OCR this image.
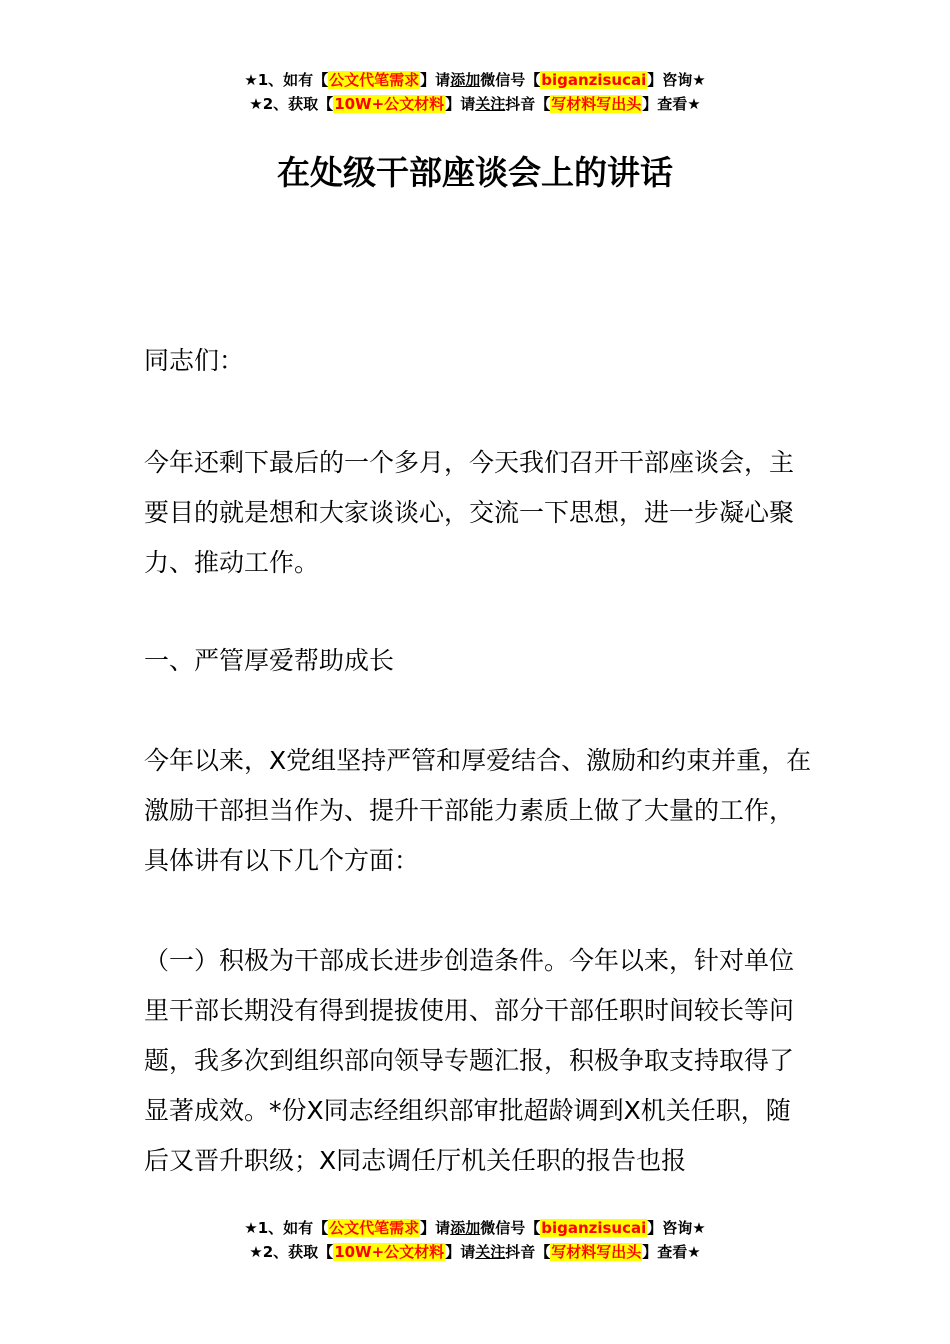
★1、如有【公文代笔需求】请添加微信号【biganzisucai】咨询★
★2、获取【10W+公文材料】请关注抖音【写材料写出头】查看★
在处级干部座谈会上的讲话

同志们：

今年还剩下最后的一个多月，今天我们召开干部座谈会，主要目的就是想和大家谈谈心，交流一下思想，进一步凝心聚力、推动工作。

一、严管厚爱帮助成长

今年以来，X党组坚持严管和厚爱结合、激励和约束并重，在激励干部担当作为、提升干部能力素质上做了大量的工作，具体讲有以下几个方面：

（一）积极为干部成长进步创造条件。今年以来，针对单位里干部长期没有得到提拔使用、部分干部任职时间较长等问题，我多次到组织部向领导专题汇报，积极争取支持取得了显著成效。*份X同志经组织部审批超龄调到X机关任职，随后又晋升职级；X同志调任厅机关任职的报告也报

★1、如有【公文代笔需求】请添加微信号【biganzisucai】咨询★
★2、获取【10W+公文材料】请关注抖音【写材料写出头】查看★
